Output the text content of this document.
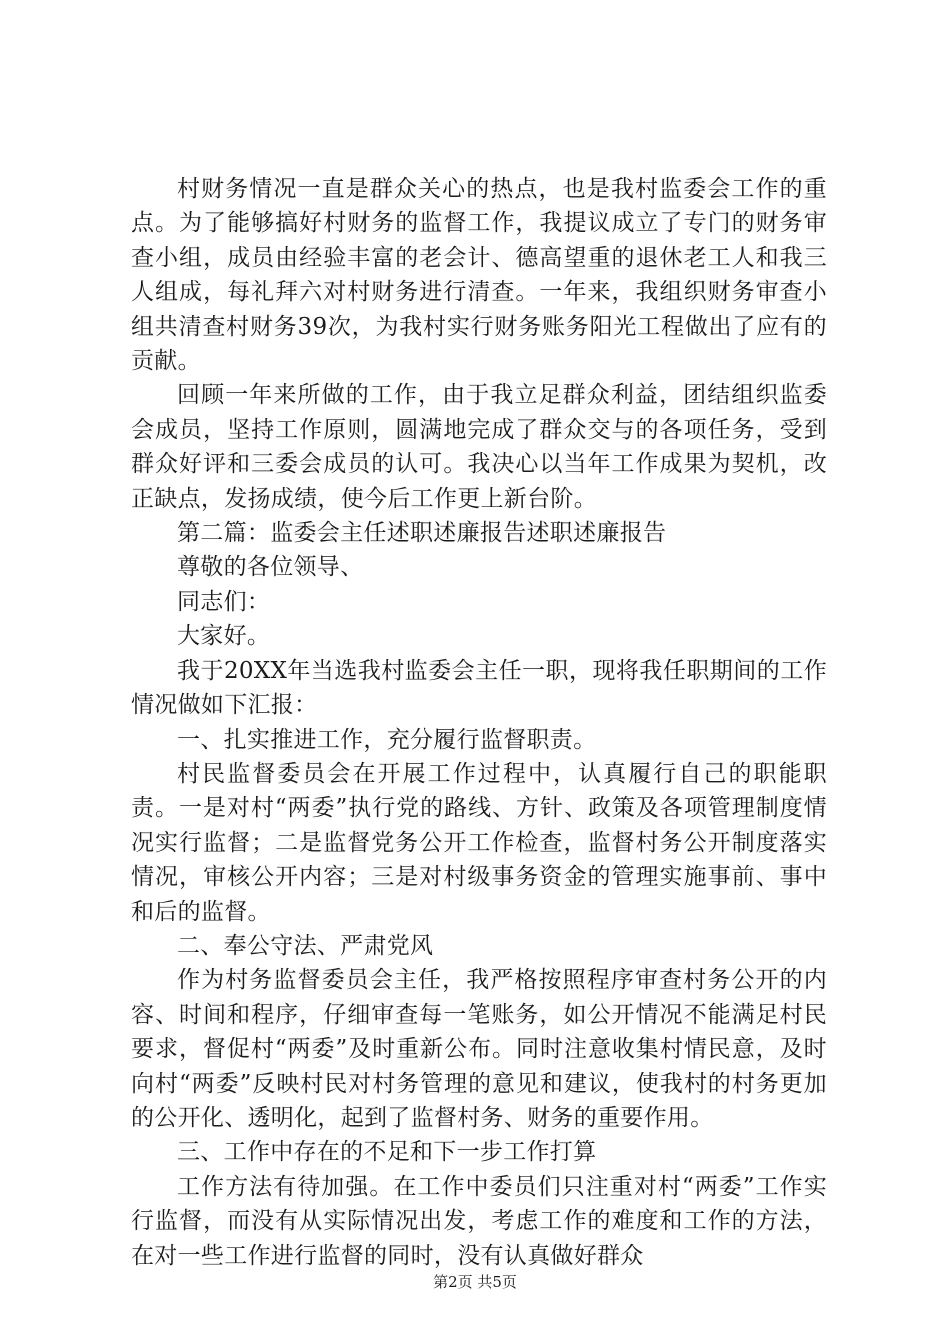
村财务情况一直是群众关心的热点，也是我村监委会工作的重点。为了能够搞好村财务的监督工作，我提议成立了专门的财务审查小组，成员由经验丰富的老会计、德高望重的退休老工人和我三人组成，每礼拜六对村财务进行清查。一年来，我组织财务审查小组共清查村财务39次，为我村实行财务账务阳光工程做出了应有的贡献。

回顾一年来所做的工作，由于我立足群众利益，团结组织监委会成员，坚持工作原则，圆满地完成了群众交与的各项任务，受到群众好评和三委会成员的认可。我决心以当年工作成果为契机，改正缺点，发扬成绩，使今后工作更上新台阶。

第二篇：监委会主任述职述廉报告述职述廉报告

尊敬的各位领导、

同志们：

大家好。

我于20XX年当选我村监委会主任一职，现将我任职期间的工作情况做如下汇报：

一、扎实推进工作，充分履行监督职责。

村民监督委员会在开展工作过程中，认真履行自己的职能职责。一是对村“两委”执行党的路线、方针、政策及各项管理制度情况实行监督；二是监督党务公开工作检查，监督村务公开制度落实情况，审核公开内容；三是对村级事务资金的管理实施事前、事中和后的监督。

二、奉公守法、严肃党风

作为村务监督委员会主任，我严格按照程序审查村务公开的内容、时间和程序，仔细审查每一笔账务，如公开情况不能满足村民要求，督促村“两委”及时重新公布。同时注意收集村情民意，及时向村“两委”反映村民对村务管理的意见和建议，使我村的村务更加的公开化、透明化，起到了监督村务、财务的重要作用。

三、工作中存在的不足和下一步工作打算

工作方法有待加强。在工作中委员们只注重对村“两委”工作实行监督，而没有从实际情况出发，考虑工作的难度和工作的方法，在对一些工作进行监督的同时，没有认真做好群众

第2页 共5页
